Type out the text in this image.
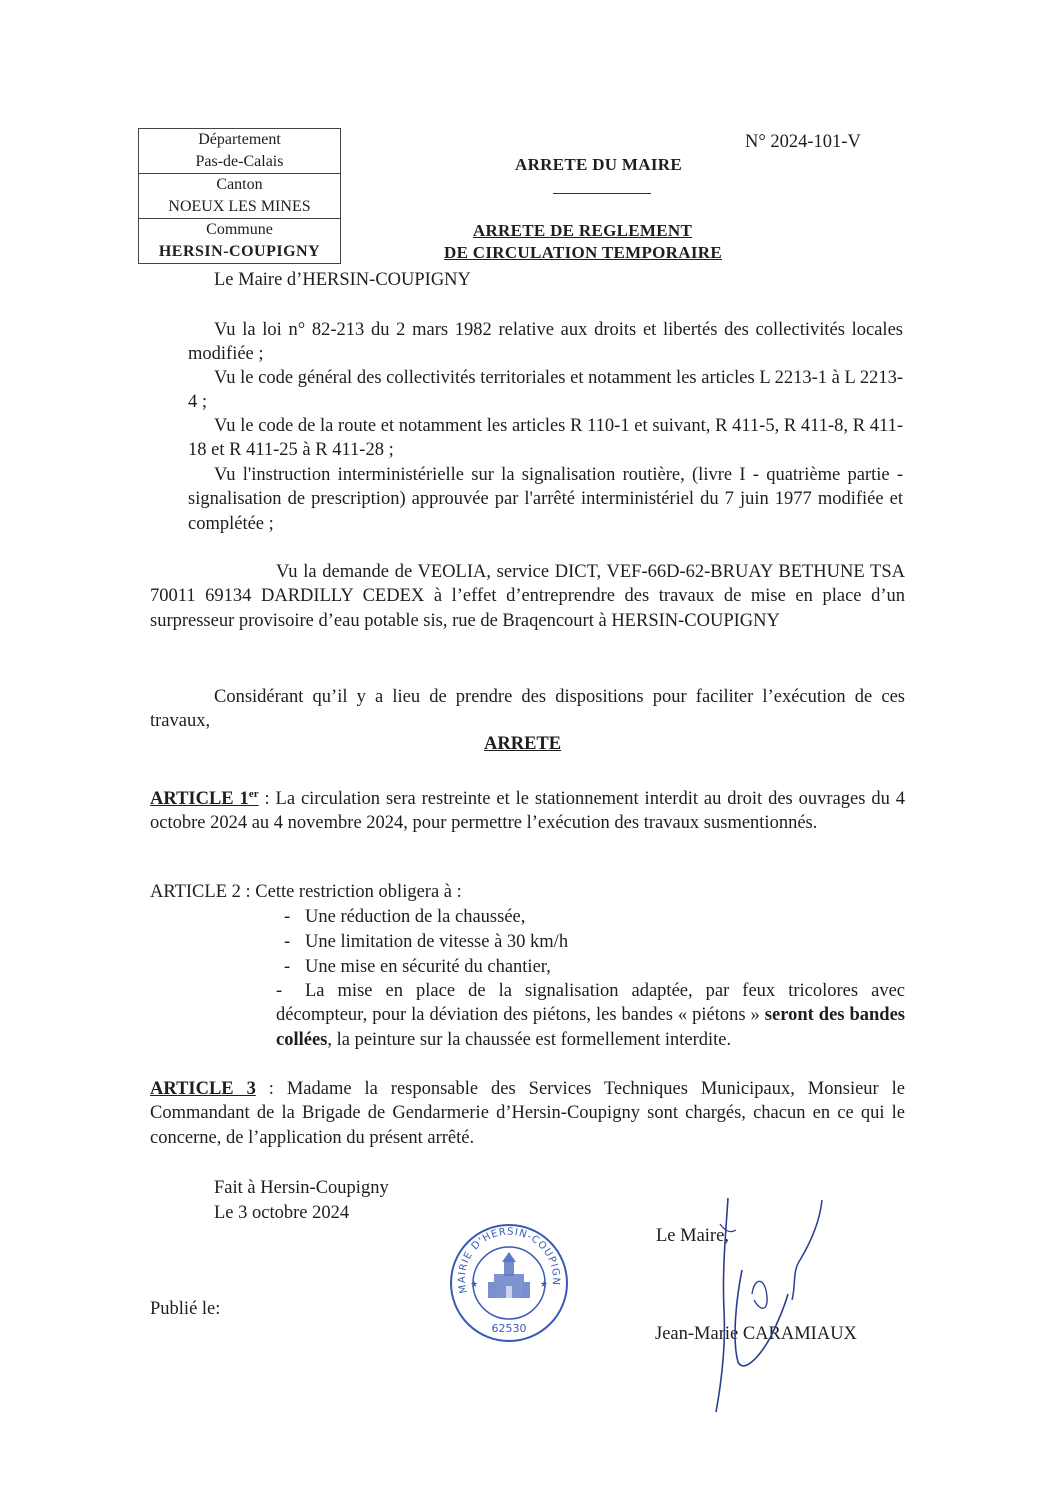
Département
Pas-de-Calais
Canton
NOEUX LES MINES
Commune
HERSIN-COUPIGNY
N° 2024-101-V
ARRETE DU MAIRE
ARRETE DE REGLEMENT
DE CIRCULATION TEMPORAIRE
Le Maire d’HERSIN-COUPIGNY
Vu la loi n° 82-213 du 2 mars 1982 relative aux droits et libertés des collectivités locales modifiée ;
Vu le code général des collectivités territoriales et notamment les articles L 2213-1 à L 2213-4 ;
Vu le code de la route et notamment les articles R 110-1 et suivant, R 411-5, R 411-8, R 411-18 et R 411-25 à R 411-28 ;
Vu l'instruction interministérielle sur la signalisation routière, (livre I - quatrième partie - signalisation de prescription) approuvée par l'arrêté interministériel du 7 juin 1977 modifiée et complétée ;
Vu la demande de VEOLIA, service DICT, VEF-66D-62-BRUAY BETHUNE TSA 70011 69134 DARDILLY CEDEX à l’effet d’entreprendre des travaux de mise en place d’un surpresseur provisoire d’eau potable sis, rue de Braqencourt à HERSIN-COUPIGNY
Considérant qu’il y a lieu de prendre des dispositions pour faciliter l’exécution de ces travaux,
ARRETE
ARTICLE 1er : La circulation sera restreinte et le stationnement interdit au droit des ouvrages du 4 octobre 2024 au 4 novembre 2024, pour permettre l’exécution des travaux susmentionnés.
ARTICLE 2 : Cette restriction obligera à :
- Une réduction de la chaussée,
- Une limitation de vitesse à 30 km/h
- Une mise en sécurité du chantier,
- La mise en place de la signalisation adaptée, par feux tricolores avec décompteur, pour la déviation des piétons, les bandes « piétons » seront des bandes collées, la peinture sur la chaussée est formellement interdite.
ARTICLE 3 : Madame la responsable des Services Techniques Municipaux, Monsieur le Commandant de la Brigade de Gendarmerie d’Hersin-Coupigny sont chargés, chacun en ce qui le concerne, de l’application du présent arrêté.
Fait à Hersin-Coupigny
Le 3 octobre 2024
Publié le:
MAIRIE D'HERSIN-COUPIGN
62530
★	★
Le Maire,
Jean-Marie CARAMIAUX
